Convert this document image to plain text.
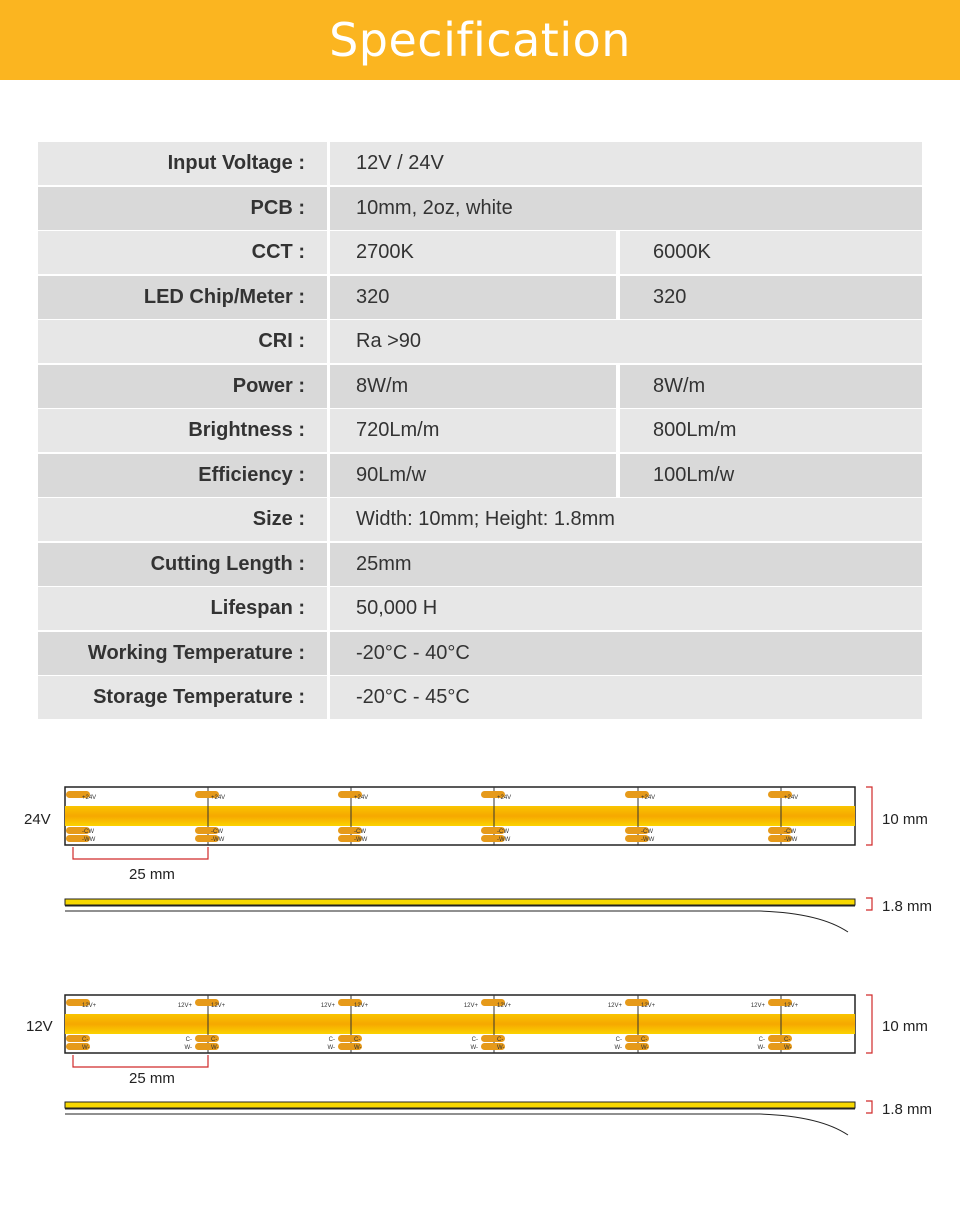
Specification
Input Voltage :	12V / 24V
PCB :	10mm, 2oz, white
CCT :	2700K	6000K
LED Chip/Meter :	320	320
CRI :	Ra >90
Power :	8W/m	8W/m
Brightness :	720Lm/m	800Lm/m
Efficiency :	90Lm/w	100Lm/w
Size :	Width: 10mm; Height: 1.8mm
Cutting Length :	25mm
Lifespan :	50,000 H
Working Temperature :	-20°C - 40°C
Storage Temperature :	-20°C - 45°C
24V
+24V
-CW
-WW
+24V
-CW
-WW
+24V
-CW
-WW
+24V
-CW
-WW
+24V
-CW
-WW
+24V
-CW
-WW
10 mm
25 mm
1.8 mm
12V
12V+
C-
W-
12V+
12V+
C-
W-
C-
W-
12V+
12V+
C-
W-
C-
W-
12V+
12V+
C-
W-
C-
W-
12V+
12V+
C-
W-
C-
W-
12V+
12V+
C-
W-
C-
W-
10 mm
25 mm
1.8 mm
